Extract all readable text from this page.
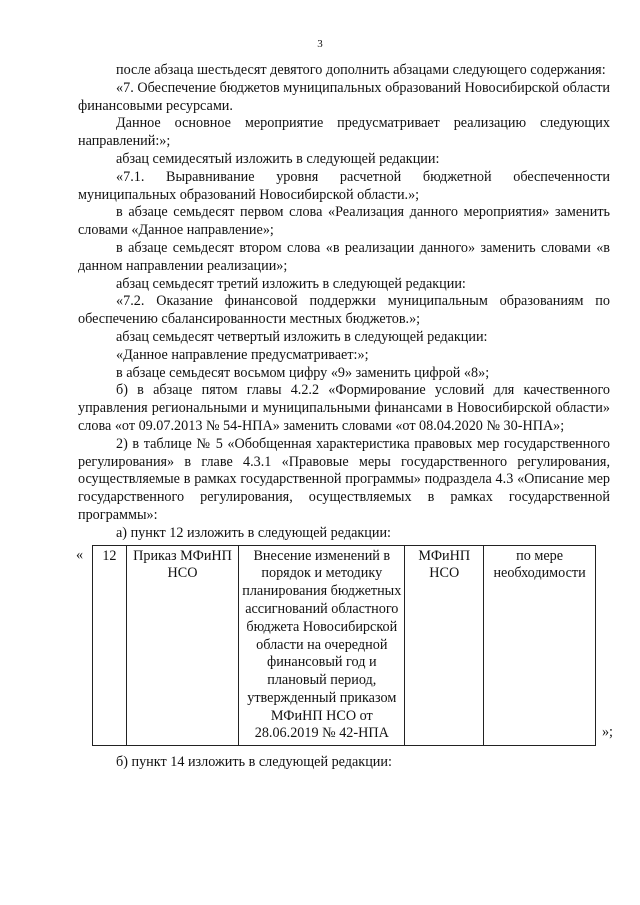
3

после абзаца шестьдесят девятого дополнить абзацами следующего содержания:

«7. Обеспечение бюджетов муниципальных образований Новосибирской области финансовыми ресурсами.

Данное основное мероприятие предусматривает реализацию следующих направлений:»;

абзац семидесятый изложить в следующей редакции:

«7.1. Выравнивание уровня расчетной бюджетной обеспеченности муниципальных образований Новосибирской области.»;

в абзаце семьдесят первом слова «Реализация данного мероприятия» заменить словами «Данное направление»;

в абзаце семьдесят втором слова «в реализации данного» заменить словами «в данном направлении реализации»;

абзац семьдесят третий изложить в следующей редакции:

«7.2. Оказание финансовой поддержки муниципальным образованиям по обеспечению сбалансированности местных бюджетов.»;

абзац семьдесят четвертый изложить в следующей редакции:

«Данное направление предусматривает:»;

в абзаце семьдесят восьмом цифру «9» заменить цифрой «8»;

б) в абзаце пятом главы 4.2.2 «Формирование условий для качественного управления региональными и муниципальными финансами в Новосибирской области» слова «от 09.07.2013 № 54-НПА» заменить словами «от 08.04.2020 № 30-НПА»;

2) в таблице № 5 «Обобщенная характеристика правовых мер государственного регулирования» в главе 4.3.1 «Правовые меры государственного регулирования, осуществляемые в рамках государственной программы» подраздела 4.3 «Описание мер государственного регулирования, осуществляемых в рамках государственной программы»:

а) пункт 12 изложить в следующей редакции:

« 12	Приказ МФиНП НСО	Внесение изменений в порядок и методику планирования бюджетных ассигнований областного бюджета Новосибирской области на очередной финансовый год и плановый период, утвержденный приказом МФиНП НСО от 28.06.2019 № 42-НПА	МФиНП НСО	по мере необходимости
»;

б) пункт 14 изложить в следующей редакции:
